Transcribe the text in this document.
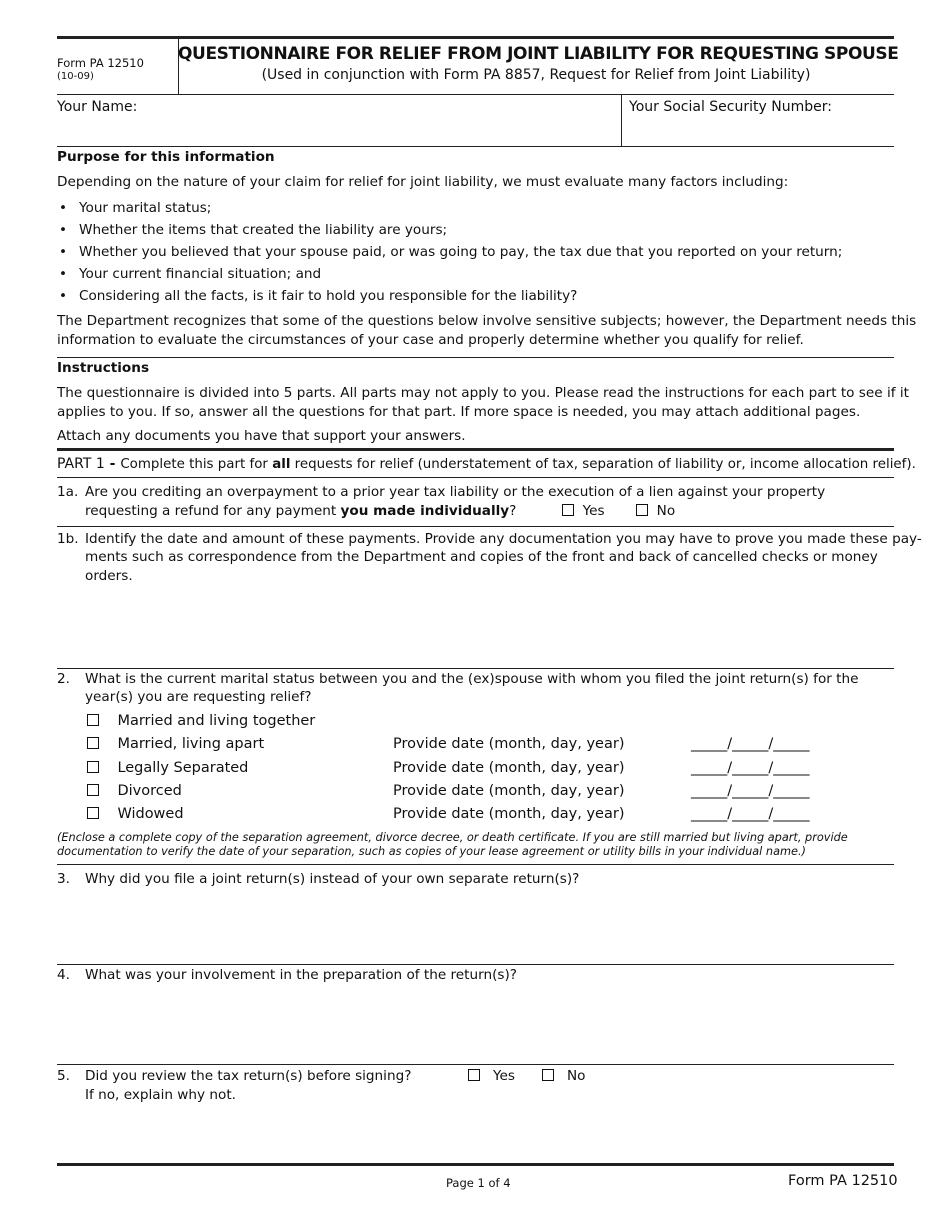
Form PA 12510
(10-09)
QUESTIONNAIRE FOR RELIEF FROM JOINT LIABILITY FOR REQUESTING SPOUSE
(Used in conjunction with Form PA 8857, Request for Relief from Joint Liability)
Your Name:	Your Social Security Number:
Purpose for this information
Depending on the nature of your claim for relief for joint liability, we must evaluate many factors including:
• Your marital status;
• Whether the items that created the liability are yours;
• Whether you believed that your spouse paid, or was going to pay, the tax due that you reported on your return;
• Your current financial situation; and
• Considering all the facts, is it fair to hold you responsible for the liability?
The Department recognizes that some of the questions below involve sensitive subjects; however, the Department needs this
information to evaluate the circumstances of your case and properly determine whether you qualify for relief.
Instructions
The questionnaire is divided into 5 parts. All parts may not apply to you. Please read the instructions for each part to see if it
applies to you. If so, answer all the questions for that part. If more space is needed, you may attach additional pages.
Attach any documents you have that support your answers.
PART 1 - Complete this part for all requests for relief (understatement of tax, separation of liability or, income allocation relief).
1a. Are you crediting an overpayment to a prior year tax liability or the execution of a lien against your property
requesting a refund for any payment you made individually?	Yes	No
1b. Identify the date and amount of these payments. Provide any documentation you may have to prove you made these pay-
ments such as correspondence from the Department and copies of the front and back of cancelled checks or money
orders.
2. What is the current marital status between you and the (ex)spouse with whom you filed the joint return(s) for the
year(s) you are requesting relief?
Married and living together
Married, living apart	Provide date (month, day, year)	_____/_____/_____
Legally Separated	Provide date (month, day, year)	_____/_____/_____
Divorced	Provide date (month, day, year)	_____/_____/_____
Widowed	Provide date (month, day, year)	_____/_____/_____
(Enclose a complete copy of the separation agreement, divorce decree, or death certificate. If you are still married but living apart, provide
documentation to verify the date of your separation, such as copies of your lease agreement or utility bills in your individual name.)
3. Why did you file a joint return(s) instead of your own separate return(s)?
4. What was your involvement in the preparation of the return(s)?
5. Did you review the tax return(s) before signing?
If no, explain why not.
Yes	No
Page 1 of 4	Form PA 12510
